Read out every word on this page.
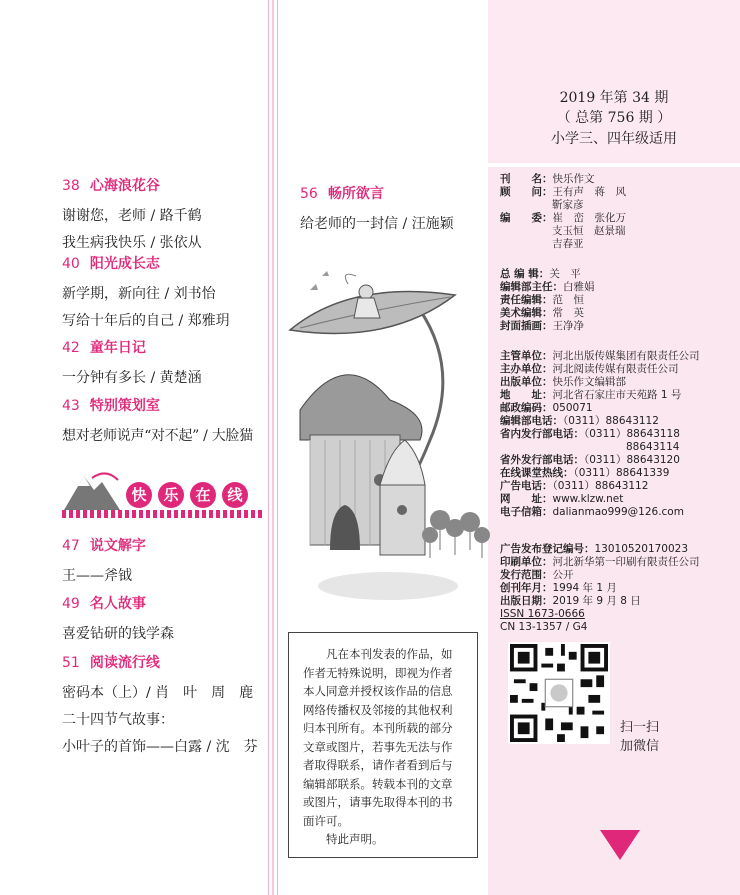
38 心海浪花谷
谢谢您，老师 / 路千鹤
我生病我快乐 / 张依从
40 阳光成长志
新学期，新向往 / 刘书怡
写给十年后的自己 / 郑雅玥
42 童年日记
一分钟有多长 / 黄楚涵
43 特别策划室
想对老师说声“对不起” / 大脸猫
快	乐	在	线
47 说文解字
王——斧钺
49 名人故事
喜爱钻研的钱学森
51 阅读流行线
密码本（上）/ 肖　叶　周　鹿
二十四节气故事：
小叶子的首饰——白露 / 沈　芬
56 畅所欲言
给老师的一封信 / 汪施颖
　　凡在本刊发表的作品，如作者无特殊说明，即视为作者本人同意并授权该作品的信息网络传播权及邻接的其他权利归本刊所有。本刊所载的部分文章或图片，若事先无法与作者取得联系，请作者看到后与编辑部联系。转载本刊的文章或图片，请事先取得本刊的书面许可。
　　特此声明。
2019 年第 34 期
（ 总第 756 期 ）
小学三、四年级适用
刊　　名：快乐作文
顾　　问：王有声　蒋　风
靳家彦
编　　委：崔　峦　张化万
支玉恒　赵景瑞
吉春亚
总 编 辑：关　平
编辑部主任：白雅娟
责任编辑：范　恒
美术编辑：常　英
封面插画：王净净
主管单位：河北出版传媒集团有限责任公司
主办单位：河北阅读传媒有限责任公司
出版单位：快乐作文编辑部
地　　址：河北省石家庄市天苑路 1 号
邮政编码：050071
编辑部电话：（0311）88643112
省内发行部电话：（0311）88643118
88643114
省外发行部电话：（0311）88643120
在线课堂热线：（0311）88641339
广告电话：（0311）88643112
网　　址：www.klzw.net
电子信箱：dalianmao999@126.com
广告发布登记编号：13010520170023
印刷单位：河北新华第一印刷有限责任公司
发行范围：公开
创刊年月：1994 年 1 月
出版日期：2019 年 9 月 8 日
ISSN 1673-0666
CN 13-1357 / G4
扫一扫
加微信
